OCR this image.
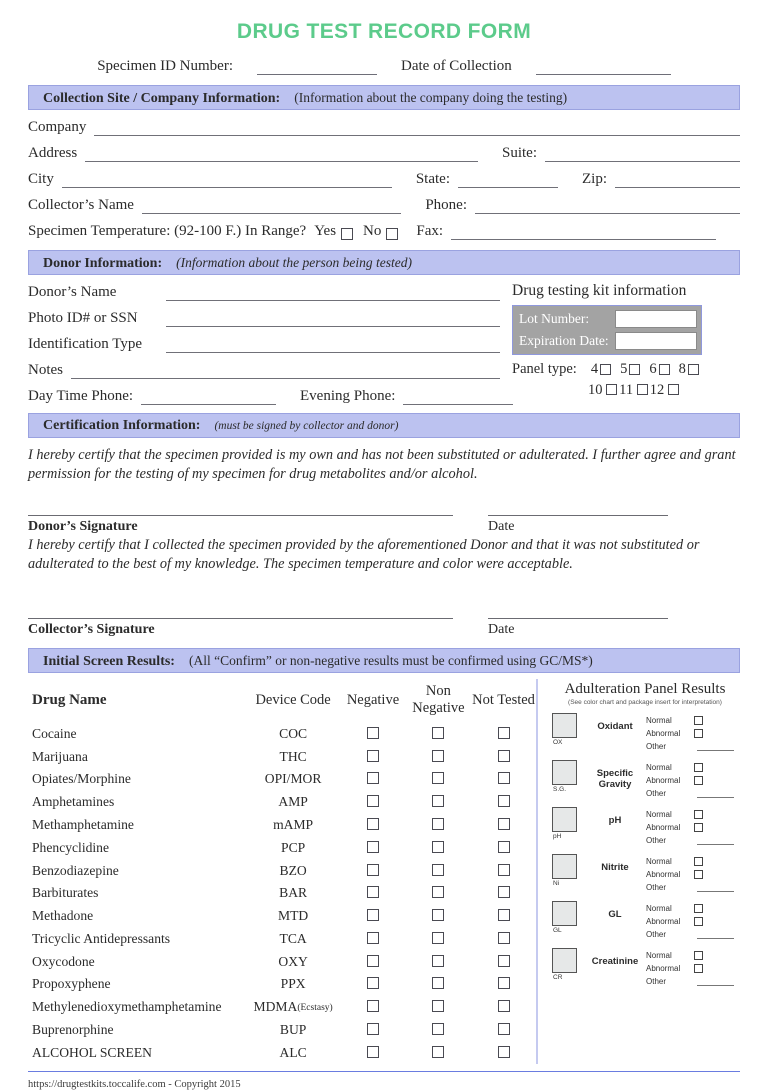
DRUG TEST RECORD FORM
Specimen ID Number:	Date of Collection
Collection Site / Company Information: (Information about the company doing the testing)
Company
Address	Suite:
City	State:	Zip:
Collector’s Name	Phone:
Specimen Temperature: (92-100 F.) In Range? Yes No Fax:
Donor Information: (Information about the person being tested)
Donor’s Name
Photo ID# or SSN
Identification Type
Notes
Day Time Phone:	Evening Phone:
Drug testing kit information
Lot Number:
Expiration Date:
Panel type: 4 5 6 8
10	11	12
Certification Information: (must be signed by collector and donor)
I hereby certify that the specimen provided is my own and has not been substituted or adulterated. I further agree and grant permission for the testing of my specimen for drug metabolites and/or alcohol.
Donor’s Signature	Date
I hereby certify that I collected the specimen provided by the aforementioned Donor and that it was not substituted or adulterated to the best of my knowledge. The specimen temperature and color were acceptable.
Collector’s Signature	Date
Initial Screen Results: (All “Confirm” or non-negative results must be confirmed using GC/MS*)
Drug Name	Device Code	Negative	Non Negative	Not Tested
Cocaine	COC			
Marijuana	THC			
Opiates/Morphine	OPI/MOR			
Amphetamines	AMP			
Methamphetamine	mAMP			
Phencyclidine	PCP			
Benzodiazepine	BZO			
Barbiturates	BAR			
Methadone	MTD			
Tricyclic Antidepressants	TCA			
Oxycodone	OXY			
Propoxyphene	PPX			
Methylenedioxymethamphetamine	MDMA(Ecstasy)			
Buprenorphine	BUP			
ALCOHOL SCREEN	ALC			
Adulteration Panel Results
(See color chart and package insert for interpretation)
OX
Oxidant
Normal
Abnormal
Other
S.G.
Specific Gravity
Normal
Abnormal
Other
pH
pH
Normal
Abnormal
Other
Ni
Nitrite
Normal
Abnormal
Other
GL
GL
Normal
Abnormal
Other
CR
Creatinine
Normal
Abnormal
Other
https://drugtestkits.toccalife.com - Copyright 2015
